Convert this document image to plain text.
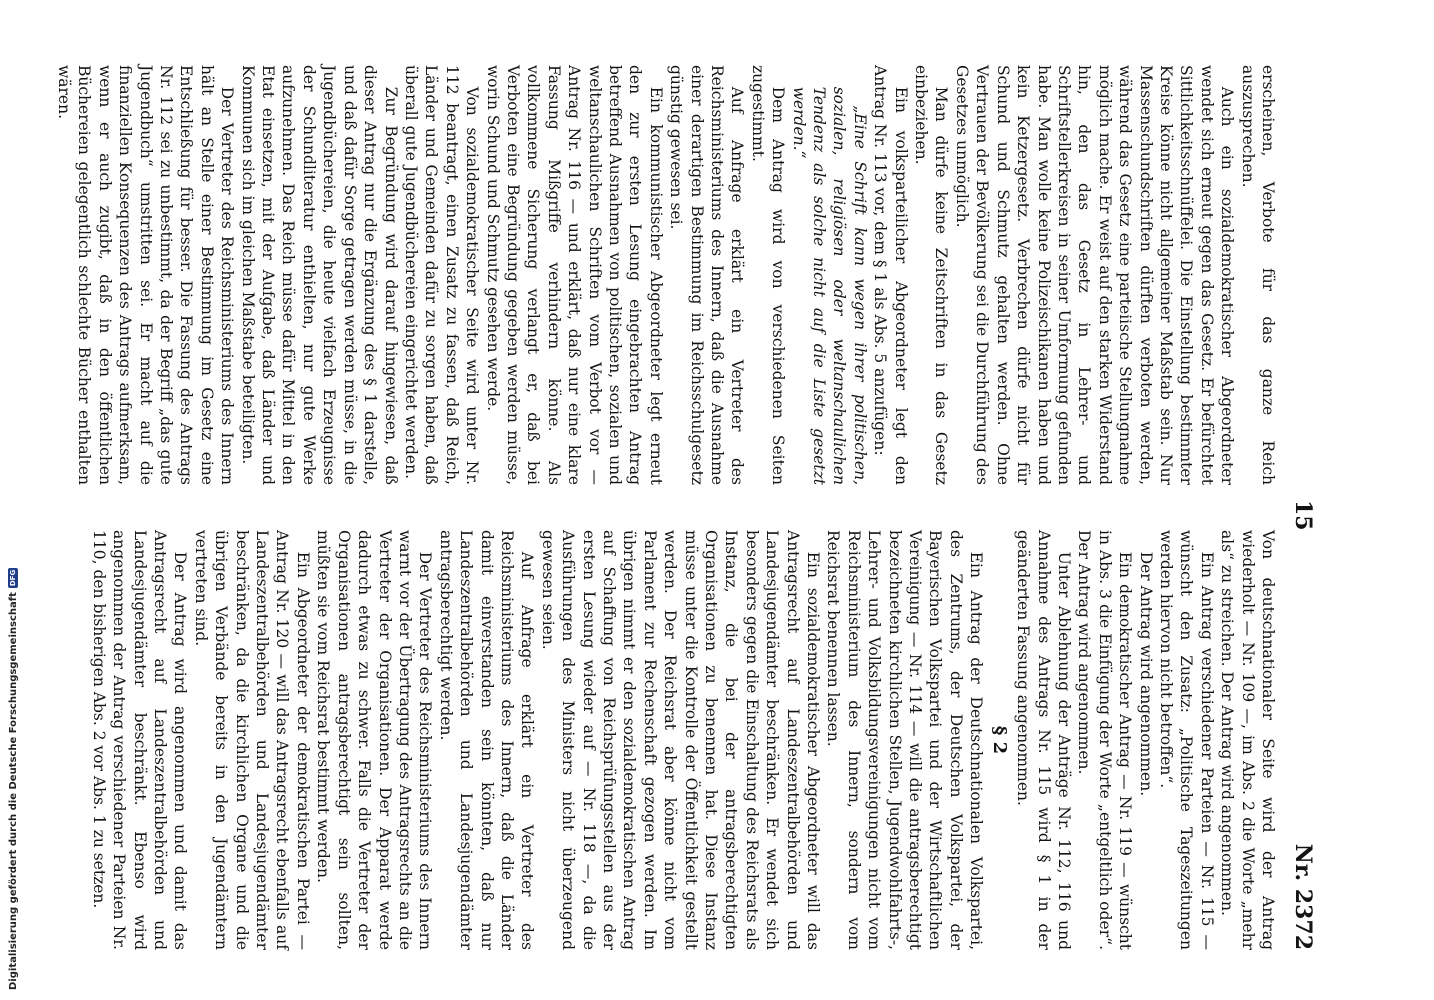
15
Nr. 2372

Von deutschnationaler Seite wird der Antrag wiederholt — Nr. 109 —, im Abs. 2 die Worte „mehr als“ zu streichen. Der Antrag wird angenommen.

Ein Antrag verschiedener Parteien — Nr. 115 — wünscht den Zusatz: „Politische Tageszeitungen werden hiervon nicht betroffen“.

Der Antrag wird angenommen.

Ein demokratischer Antrag — Nr. 119 — wünscht in Abs. 3 die Einfügung der Worte „entgeltlich oder“. Der Antrag wird angenommen.

Unter Ablehnung der Anträge Nr. 112, 116 und Annahme des Antrags Nr. 115 wird § 1 in der geänderten Fassung angenommen.

§ 2

Ein Antrag der Deutschnationalen Volkspartei, des Zentrums, der Deutschen Volkspartei, der Bayerischen Volkspartei und der Wirtschaftlichen Vereinigung — Nr. 114 — will die antragsberechtigt bezeichneten kirchlichen Stellen, Jugendwohlfahrts-, Lehrer- und Volksbildungsvereinigungen nicht vom Reichsministerium des Innern, sondern vom Reichsrat benennen lassen.

Ein sozialdemokratischer Abgeordneter will das Antragsrecht auf Landeszentralbehörden und Landesjugendämter beschränken. Er wendet sich besonders gegen die Einschaltung des Reichsrats als Instanz, die bei der antragsberechtigten Organisationen zu benennen hat. Diese Instanz müsse unter die Kontrolle der Öffentlichkeit gestellt werden. Der Reichsrat aber könne nicht vom Parlament zur Rechenschaft gezogen werden. Im übrigen nimmt er den sozialdemokratischen Antrag auf Schaffung von Reichsprüfungsstellen aus der ersten Lesung wieder auf — Nr. 118 —, da die Ausführungen des Ministers nicht überzeugend gewesen seien.

Auf Anfrage erklärt ein Vertreter des Reichsministeriums des Innern, daß die Länder damit einverstanden sein könnten, daß nur Landeszentralbehörden und Landesjugendämter antragsberechtigt werden.

Der Vertreter des Reichsministeriums des Innern warnt vor der Übertragung des Antragsrechts an die Vertreter der Organisationen. Der Apparat werde dadurch etwas zu schwer. Falls die Vertreter der Organisationen antragsberechtigt sein sollten, müßten sie vom Reichsrat bestimmt werden.

Ein Abgeordneter der demokratischen Partei — Antrag Nr. 120 — will das Antragsrecht ebenfalls auf Landeszentralbehörden und Landesjugendämter beschränken, da die kirchlichen Organe und die übrigen Verbände bereits in den Jugendämtern vertreten sind.

Der Antrag wird angenommen und damit das Antragsrecht auf Landeszentralbehörden und Landesjugendämter beschränkt. Ebenso wird angenommen der Antrag verschiedener Parteien Nr. 110, den bisherigen Abs. 2 vor Abs. 1 zu setzen.

erscheinen, Verbote für das ganze Reich auszusprechen.

Auch ein sozialdemokratischer Abgeordneter wendet sich erneut gegen das Gesetz. Er befürchtet Sittlichkeitsschnüffelei. Die Einstellung bestimmter Kreise könne nicht allgemeiner Maßstab sein. Nur Massenschundschriften dürften verboten werden, während das Gesetz eine parteiische Stellungnahme möglich mache. Er weist auf den starken Widerstand hin, den das Gesetz in Lehrer- und Schriftstellerkreisen in seiner Umformung gefunden habe. Man wolle keine Polizeischikanen haben und kein Ketzergesetz. Verbrechen dürfe nicht für Schund und Schmutz gehalten werden. Ohne Vertrauen der Bevölkerung sei die Durchführung des Gesetzes unmöglich.

Man dürfe keine Zeitschriften in das Gesetz einbeziehen.

Ein volksparteilicher Abgeordneter legt den Antrag Nr. 113 vor, dem § 1 als Abs. 5 anzufügen:

„Eine Schrift kann wegen ihrer politischen, sozialen, religiösen oder weltanschaulichen Tendenz als solche nicht auf die Liste gesetzt werden.“

Dem Antrag wird von verschiedenen Seiten zugestimmt.

Auf Anfrage erklärt ein Vertreter des Reichsministeriums des Innern, daß die Ausnahme einer derartigen Bestimmung im Reichsschulgesetz günstig gewesen sei.

Ein kommunistischer Abgeordneter legt erneut den zur ersten Lesung eingebrachten Antrag betreffend Ausnahmen von politischen, sozialen und weltanschaulichen Schriften vom Verbot vor — Antrag Nr. 116 — und erklärt, daß nur eine klare Fassung Mißgriffe verhindern könne. Als vollkommene Sicherung verlangt er, daß bei Verboten eine Begründung gegeben werden müsse, worin Schund und Schmutz gesehen werde.

Von sozialdemokratischer Seite wird unter Nr. 112 beantragt, einen Zusatz zu fassen, daß Reich, Länder und Gemeinden dafür zu sorgen haben, daß überall gute Jugendbüchereien eingerichtet werden.

Zur Begründung wird darauf hingewiesen, daß dieser Antrag nur die Ergänzung des § 1 darstelle, und daß dafür Sorge getragen werden müsse, in die Jugendbüchereien, die heute vielfach Erzeugnisse der Schundliteratur enthielten, nur gute Werke aufzunehmen. Das Reich müsse dafür Mittel in den Etat einsetzen, mit der Aufgabe, daß Länder und Kommunen sich im gleichen Maßstabe beteiligten.

Der Vertreter des Reichsministeriums des Innern hält an Stelle einer Bestimmung im Gesetz eine Entschließung für besser. Die Fassung des Antrags Nr. 112 sei zu unbestimmt, da der Begriff „das gute Jugendbuch“ umstritten sei. Er macht auf die finanziellen Konsequenzen des Antrags aufmerksam, wenn er auch zugibt, daß in den öffentlichen Büchereien gelegentlich schlechte Bücher enthalten wären.

Digitalisierung gefördert durch die Deutsche Forschungsgemeinschaft
DFG
